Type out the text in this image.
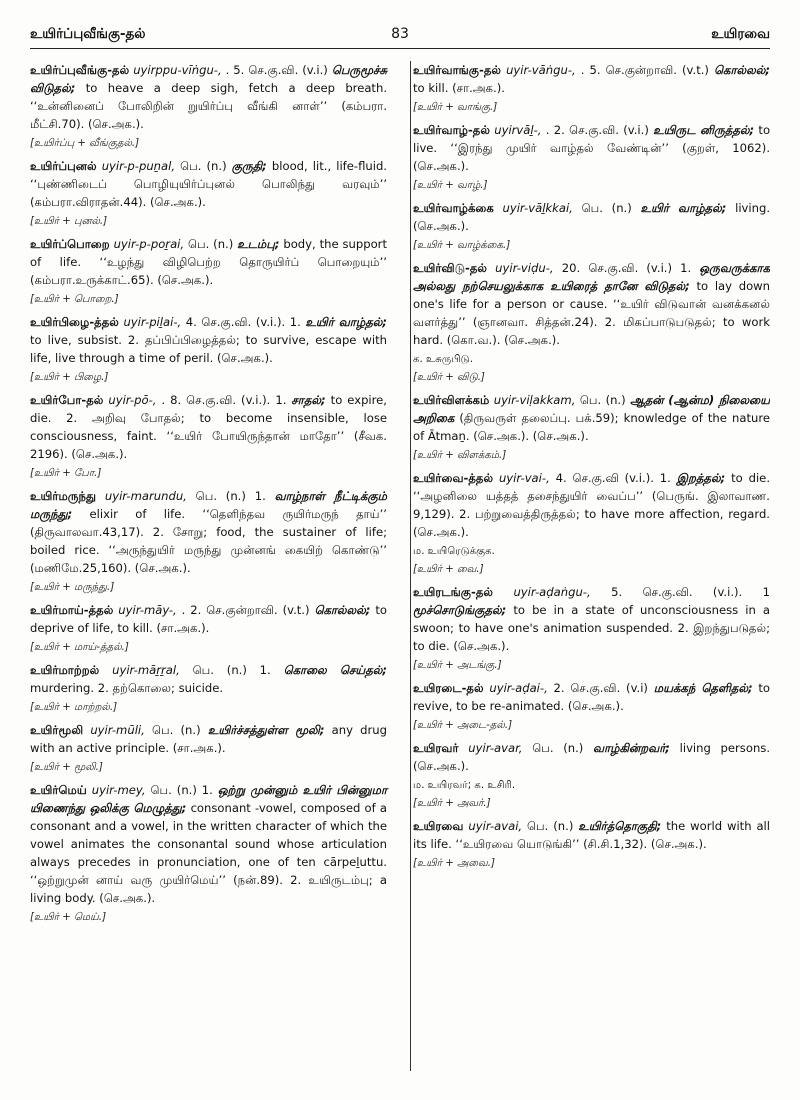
உயிர்ப்புவீங்கு-தல்	83	உயிரவை

உயிர்ப்புவீங்கு-தல் uyirppu-vīṅgu-, . 5. செ.கு.வி. (v.i.) பெருமூச்சு விடுதல்; to heave a deep sigh, fetch a deep breath. ‘‘உன்னினைப் போலிறின் றுயிர்ப்பு வீங்கி னாள்’’ (கம்பரா. மீட்சி.70). (செ.அக.).

[உயிர்ப்பு + வீங்குதல்.]

உயிர்ப்புனல் uyir-p-puṉal, பெ. (n.) குருதி; blood, lit., life-fluid. ‘‘புண்ணிடைப் பொழியுயிர்ப்புனல் பொலிந்து வரவும்’’ (கம்பரா.விராதன்.44). (செ.அக.).

[உயிர் + புனல்.]

உயிர்ப்பொறை uyir-p-poṟai, பெ. (n.) உடம்பு; body, the support of life. ‘‘உழந்து விழிபெற்ற தொருயிர்ப் பொறையும்’’ (கம்பரா.உருக்காட்.65). (செ.அக.).

[உயிர் + பொறை.]

உயிர்பிழை-த்தல் uyir-piḻai-, 4. செ.கு.வி. (v.i.). 1. உயிர் வாழ்தல்; to live, subsist. 2. தப்பிப்பிழைத்தல்; to survive, escape with life, live through a time of peril. (செ.அக.).

[உயிர் + பிழை.]

உயிர்போ-தல் uyir-pō-, . 8. செ.கு.வி. (v.i.). 1. சாதல்; to expire, die. 2. அறிவு போதல்; to become insensible, lose consciousness, faint. ‘‘உயிர் போயிருந்தான் மாதோ’’ (சீவக. 2196). (செ.அக.).

[உயிர் + போ.]

உயிர்மருந்து uyir-marundu, பெ. (n.) 1. வாழ்நாள் நீட்டிக்கும் மருந்து; elixir of life. ‘‘தெளிந்தவ ருயிர்மருந் தாய்’’ (திருவாலவா.43,17). 2. சோறு; food, the sustainer of life; boiled rice. ‘‘அருந்துயிர் மருந்து முன்னங் கையிற் கொண்டு’’ (மணிமே.25,160). (செ.அக.).

[உயிர் + மருந்து.]

உயிர்மாய்-த்தல் uyir-māy-, . 2. செ.குன்றாவி. (v.t.) கொல்லல்; to deprive of life, to kill. (சா.அக.).

[உயிர் + மாய்-த்தல்.]

உயிர்மாற்றல் uyir-māṟṟal, பெ. (n.) 1. கொலை செய்தல்; murdering. 2. தற்கொலை; suicide.

[உயிர் + மாற்றல்.]

உயிர்மூலி uyir-mūli, பெ. (n.) உயிர்ச்சத்துள்ள மூலி; any drug with an active principle. (சா.அக.).

[உயிர் + மூலி.]

உயிர்மெய் uyir-mey, பெ. (n.) 1. ஒற்று முன்னும் உயிர் பின்னுமா யிணைந்து ஒலிக்கு மெழுத்து; consonant -vowel, composed of a consonant and a vowel, in the written character of which the vowel animates the consonantal sound whose articulation always precedes in pronunciation, one of ten cārpeḻuttu. ‘‘ஒற்றுமுன் னாய் வரு முயிர்மெய்’’ (நன்.89). 2. உயிருடம்பு; a living body. (செ.அக.).

[உயிர் + மெய்.]

உயிர்வாங்கு-தல் uyir-vāṅgu-, . 5. செ.குன்றாவி. (v.t.) கொல்லல்; to kill. (சா.அக.).

[உயிர் + வாங்கு.]

உயிர்வாழ்-தல் uyirvāḻ-, . 2. செ.கு.வி. (v.i.) உயிருட னிருத்தல்; to live. ‘‘இரந்து முயிர் வாழ்தல் வேண்டின்’’ (குறள், 1062). (செ.அக.).

[உயிர் + வாழ்.]

உயிர்வாழ்க்கை uyir-vāḻkkai, பெ. (n.) உயிர் வாழ்தல்; living. (செ.அக.).

[உயிர் + வாழ்க்கை.]

உயிர்விடு-தல் uyir-viḍu-, 20. செ.கு.வி. (v.i.) 1. ஒருவருக்காக அல்லது நற்செயலுக்காக உயிரைத் தானே விடுதல்; to lay down one's life for a person or cause. ‘‘உயிர் விடுவான் வனக்கனல் வளர்த்து’’ (ஞானவா. சித்தன்.24). 2. மிகப்பாடுபடுதல்; to work hard. (கொ.வ.). (செ.அக.).

க. உசுருபிடு.
[உயிர் + விடு.]

உயிர்விளக்கம் uyir-viḷakkam, பெ. (n.) ஆதன் (ஆன்ம) நிலையை அறிகை (திருவருள் தலைப்பு. பக்.59); knowledge of the nature of Ātmaṉ. (செ.அக.). (செ.அக.).

[உயிர் + விளக்கம்.]

உயிர்வை-த்தல் uyir-vai-, 4. செ.கு.வி (v.i.). 1. இறத்தல்; to die. ‘‘அழனிலை யத்தத் தசைந்துயிர் வைப்ப’’ (பெருங். இலாவாண. 9,129). 2. பற்றுவைத்திருத்தல்; to have more affection, regard. (செ.அக.).

ம. உயிரெடுக்குக.
[உயிர் + வை.]

உயிரடங்கு-தல் uyir-aḍaṅgu-, 5. செ.கு.வி. (v.i.). 1 மூச்சொடுங்குதல்; to be in a state of unconsciousness in a swoon; to have one's animation suspended. 2. இறந்துபடுதல்; to die. (செ.அக.).

[உயிர் + அடங்கு.]

உயிரடை-தல் uyir-aḍai-, 2. செ.கு.வி. (v.i) மயக்கந் தெளிதல்; to revive, to be re-animated. (செ.அக.).

[உயிர் + அடை-தல்.]

உயிரவர் uyir-avar, பெ. (n.) வாழ்கின்றவர்; living persons. (செ.அக.).

ம. உயிரவர்; க. உசிரி.
[உயிர் + அவர்.]

உயிரவை uyir-avai, பெ. (n.) உயிர்த்தொகுதி; the world with all its life. ‘‘உயிரவை யொடுங்கி’’ (சி.சி.1,32). (செ.அக.).

[உயிர் + அவை.]
